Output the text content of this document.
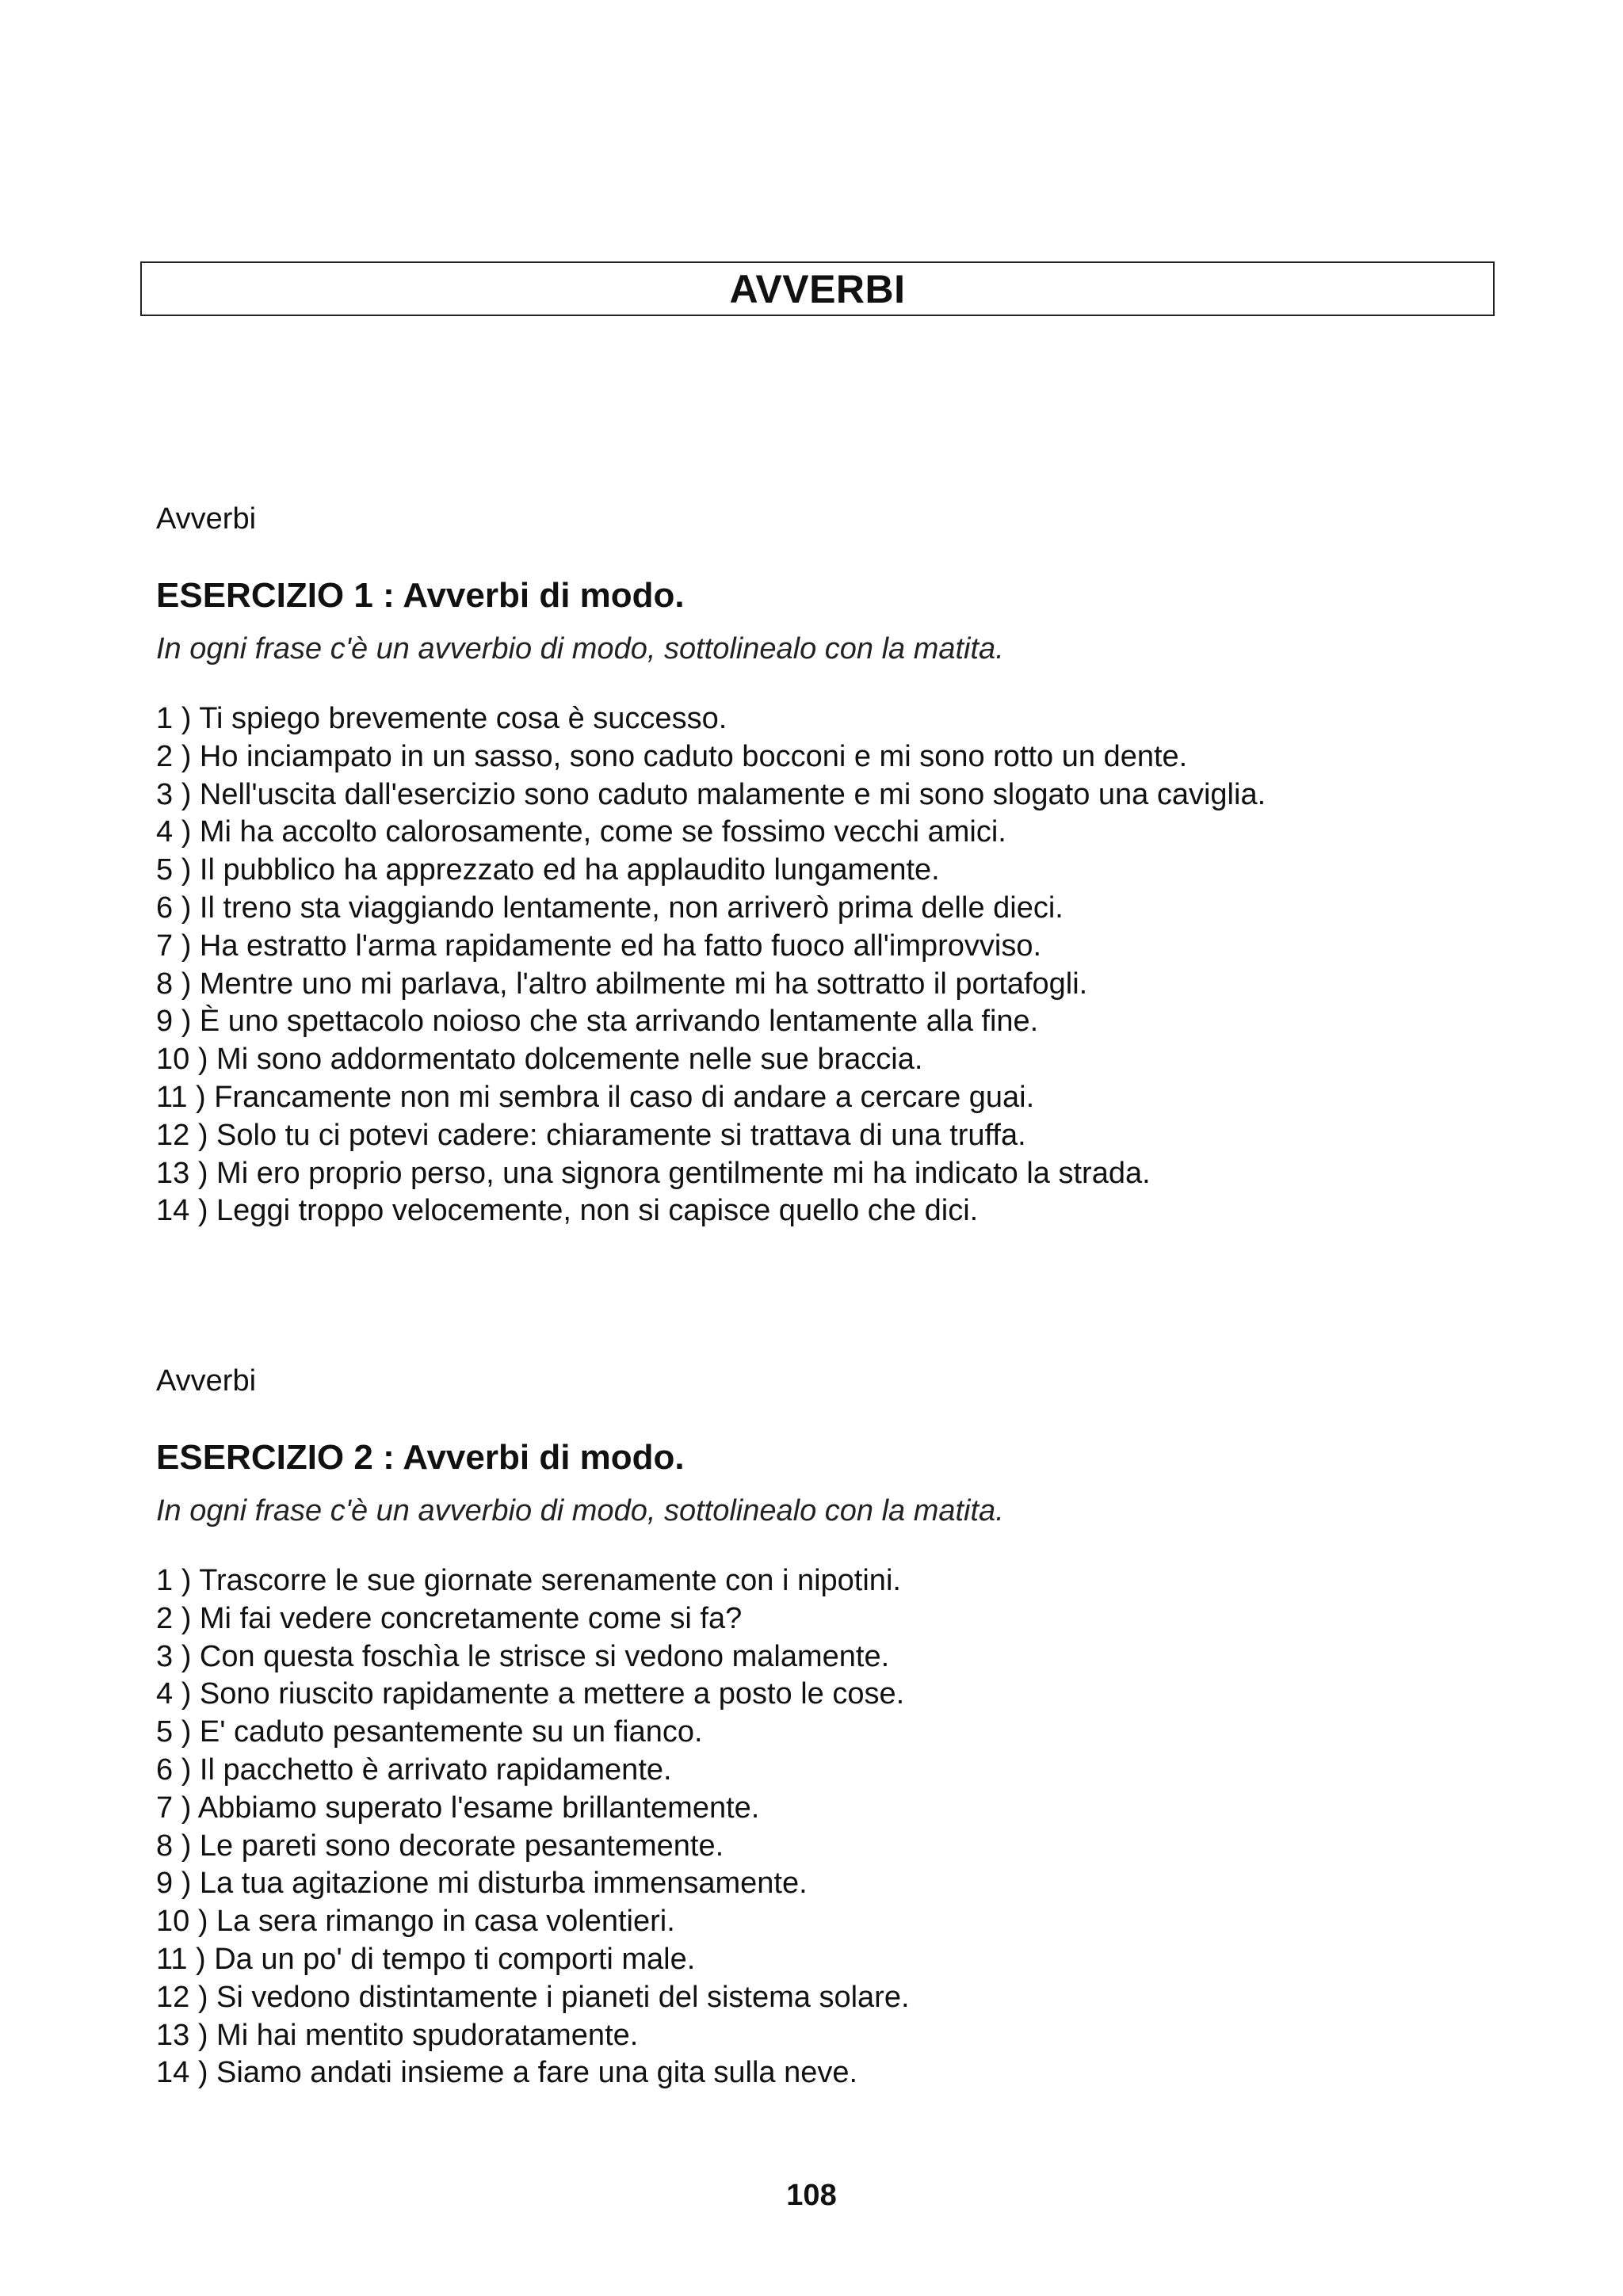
AVVERBI

Avverbi

ESERCIZIO 1 : Avverbi di modo.

In ogni frase c'è un avverbio di modo, sottolinealo con la matita.

1 ) Ti spiego brevemente cosa è successo.
2 ) Ho inciampato in un sasso, sono caduto bocconi e mi sono rotto un dente.
3 ) Nell'uscita dall'esercizio sono caduto malamente e mi sono slogato una caviglia.
4 ) Mi ha accolto calorosamente, come se fossimo vecchi amici.
5 ) Il pubblico ha apprezzato ed ha applaudito lungamente.
6 ) Il treno sta viaggiando lentamente, non arriverò prima delle dieci.
7 ) Ha estratto l'arma rapidamente ed ha fatto fuoco all'improvviso.
8 ) Mentre uno mi parlava, l'altro abilmente mi ha sottratto il portafogli.
9 ) È uno spettacolo noioso che sta arrivando lentamente alla fine.
10 ) Mi sono addormentato dolcemente nelle sue braccia.
11 ) Francamente non mi sembra il caso di andare a cercare guai.
12 ) Solo tu ci potevi cadere: chiaramente si trattava di una truffa.
13 ) Mi ero proprio perso, una signora gentilmente mi ha indicato la strada.
14 ) Leggi troppo velocemente, non si capisce quello che dici.

Avverbi

ESERCIZIO 2 : Avverbi di modo.

In ogni frase c'è un avverbio di modo, sottolinealo con la matita.

1 ) Trascorre le sue giornate serenamente con i nipotini.
2 ) Mi fai vedere concretamente come si fa?
3 ) Con questa foschìa le strisce si vedono malamente.
4 ) Sono riuscito rapidamente a mettere a posto le cose.
5 ) E' caduto pesantemente su un fianco.
6 ) Il pacchetto è arrivato rapidamente.
7 ) Abbiamo superato l'esame brillantemente.
8 ) Le pareti sono decorate pesantemente.
9 ) La tua agitazione mi disturba immensamente.
10 ) La sera rimango in casa volentieri.
11 ) Da un po' di tempo ti comporti male.
12 ) Si vedono distintamente i pianeti del sistema solare.
13 ) Mi hai mentito spudoratamente.
14 ) Siamo andati insieme a fare una gita sulla neve.
108
